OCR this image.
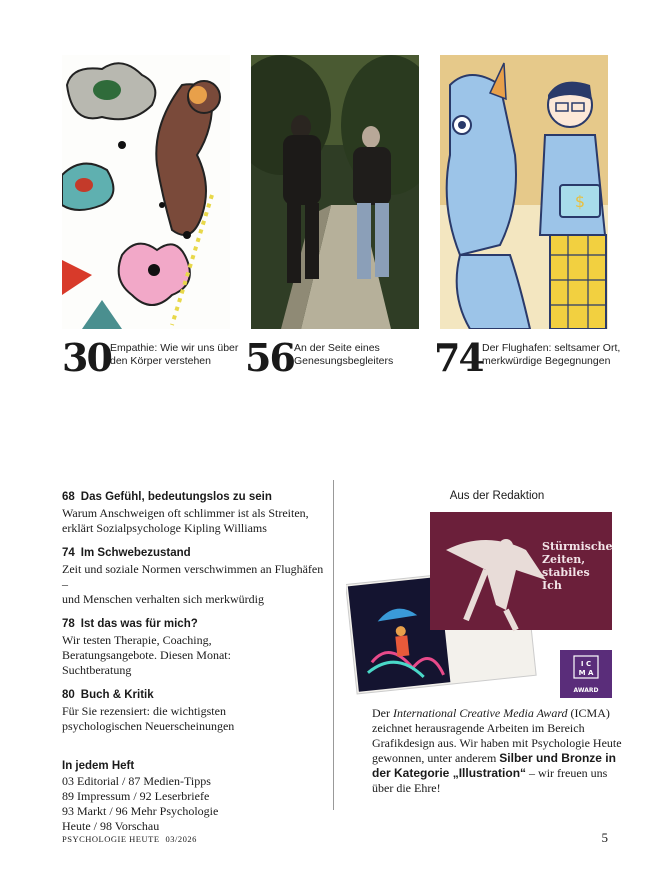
$
30 Empathie: Wie wir uns über
den Körper verstehen 56 An der Seite eines
Genesungsbegleiters 74 Der Flughafen: seltsamer Ort,
merkwürdige Begegnungen
68 Das Gefühl, bedeutungslos zu sein
Warum Anschweigen oft schlimmer ist als Streiten,
erklärt Sozialpsychologe Kipling Williams
74 Im Schwebezustand
Zeit und soziale Normen verschwimmen an Flughäfen –
und Menschen verhalten sich merkwürdig
78 Ist das was für mich?
Wir testen Therapie, Coaching,
Beratungsangebote. Diesen Monat:
Suchtberatung
80 Buch & Kritik
Für Sie rezensiert: die wichtigsten
psychologischen Neuerscheinungen
In jedem Heft
03 Editorial / 87 Medien-Tipps
89 Impressum / 92 Leserbriefe
93 Markt / 96 Mehr Psychologie
Heute / 98 Vorschau
Aus der Redaktion
Stürmische Zeiten, stabiles Ich
I C
M A
AWARD
Der International Creative Media Award (ICMA) zeichnet herausragende Arbeiten im Bereich Grafikdesign aus. Wir haben mit Psychologie Heute gewonnen, unter anderem Silber und Bronze in der Kategorie „Illustration“ – wir freuen uns über die Ehre!
PSYCHOLOGIE HEUTE 03/2026	5
